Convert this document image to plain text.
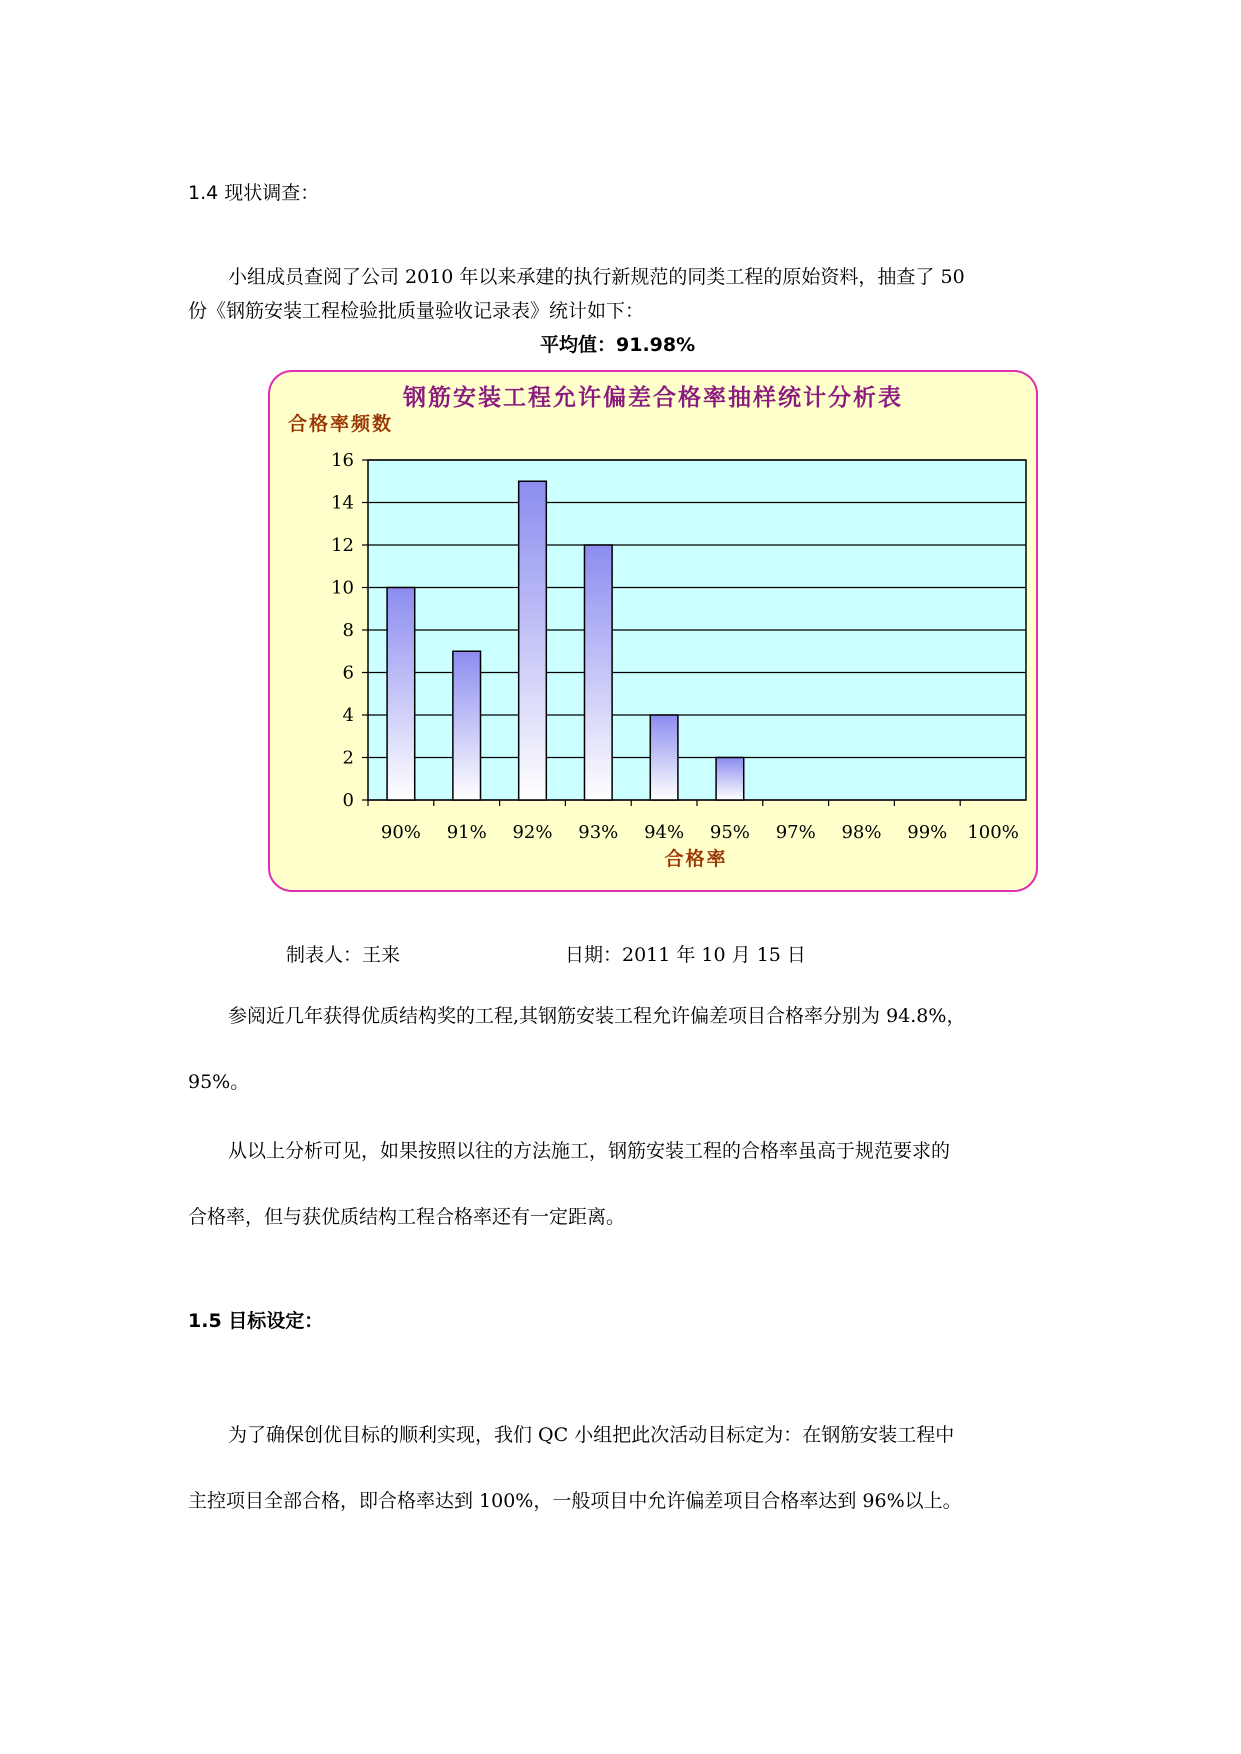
1.4 现状调查：
小组成员查阅了公司 2010 年以来承建的执行新规范的同类工程的原始资料，抽查了 50
份《钢筋安装工程检验批质量验收记录表》统计如下：
平均值：91.98%
钢筋安装工程允许偏差合格率抽样统计分析表
合格率频数
合格率
0
2
4
6
8
10
12
14
16
90% 91% 92% 93% 94% 95% 97% 98% 99% 100%
制表人：王来	日期：2011 年 10 月 15 日
参阅近几年获得优质结构奖的工程,其钢筋安装工程允许偏差项目合格率分别为 94.8%，
95%。
从以上分析可见，如果按照以往的方法施工，钢筋安装工程的合格率虽高于规范要求的
合格率，但与获优质结构工程合格率还有一定距离。
1.5 目标设定：
为了确保创优目标的顺利实现，我们 QC 小组把此次活动目标定为：在钢筋安装工程中
主控项目全部合格，即合格率达到 100%，一般项目中允许偏差项目合格率达到 96%以上。
